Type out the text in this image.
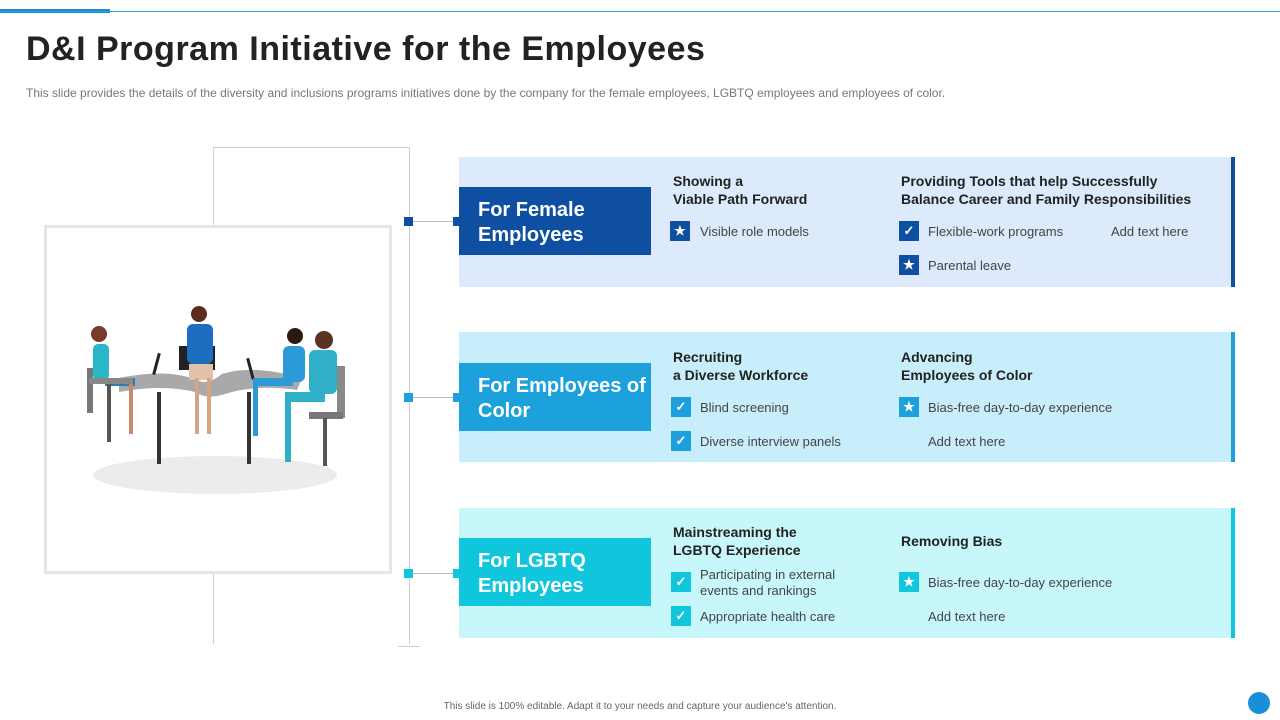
D&I Program Initiative for the Employees
This slide provides the details of the diversity and inclusions programs initiatives done by the company for the female employees, LGBTQ employees and employees of color.
For Female Employees
Showing a
Viable Path Forward
★	Visible role models
Providing Tools that help Successfully
Balance Career and Family Responsibilities
✓	Flexible-work programs	Add text here
★	Parental leave
For Employees of Color
Recruiting
a Diverse Workforce
✓	Blind screening
✓	Diverse interview panels
Advancing
Employees of Color
★	Bias-free day-to-day experience
Add text here
For LGBTQ Employees
Mainstreaming the
LGBTQ Experience
✓	Participating in external
events and rankings
✓	Appropriate health care
Removing Bias
★	Bias-free day-to-day experience
Add text here
This slide is 100% editable. Adapt it to your needs and capture your audience's attention.
